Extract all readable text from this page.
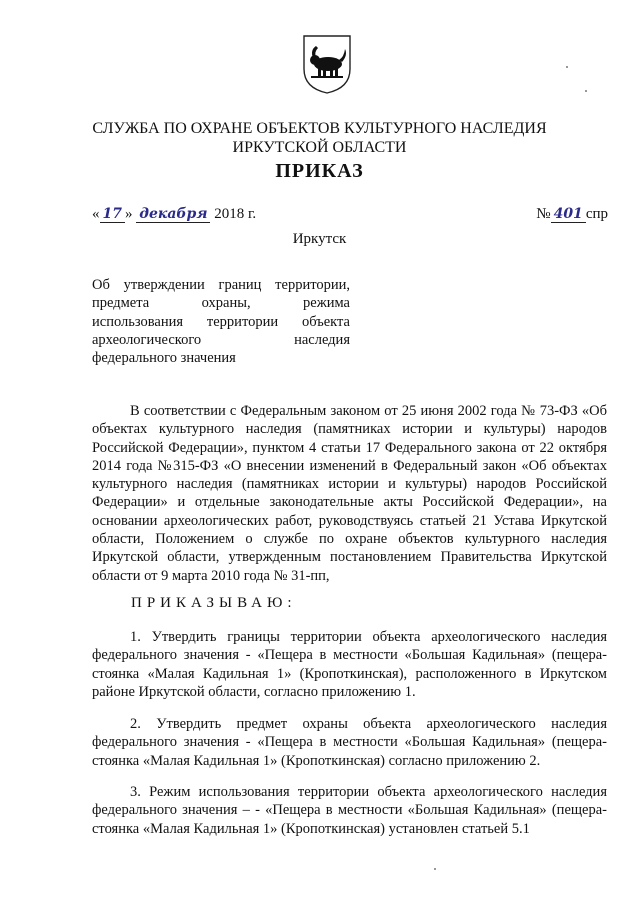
СЛУЖБА ПО ОХРАНЕ ОБЪЕКТОВ КУЛЬТУРНОГО НАСЛЕДИЯ
ИРКУТСКОЙ ОБЛАСТИ
ПРИКАЗ
« 17 » декабря 2018 г.	№ 401 спр
Иркутск
Об утверждении границ территории,
предмета охраны, режима
использования территории объекта
археологического наследия
федерального значения
В соответствии с Федеральным законом от 25 июня 2002 года № 73-ФЗ «Об объектах культурного наследия (памятниках истории и культуры) народов Российской Федерации», пунктом 4 статьи 17 Федерального закона от 22 октября 2014 года №315-ФЗ «О внесении изменений в Федеральный закон «Об объектах культурного наследия (памятниках истории и культуры) народов Российской Федерации» и отдельные законодательные акты Российской Федерации», на основании археологических работ, руководствуясь статьей 21 Устава Иркутской области, Положением о службе по охране объектов культурного наследия Иркутской области, утвержденным постановлением Правительства Иркутской области от 9 марта 2010 года № 31-пп,
ПРИКАЗЫВАЮ:
1. Утвердить границы территории объекта археологического наследия федерального значения - «Пещера в местности «Большая Кадильная» (пещера-стоянка «Малая Кадильная 1» (Кропоткинская), расположенного в Иркутском районе Иркутской области, согласно приложению 1.
2. Утвердить предмет охраны объекта археологического наследия федерального значения - «Пещера в местности «Большая Кадильная» (пещера-стоянка «Малая Кадильная 1» (Кропоткинская) согласно приложению 2.
3. Режим использования территории объекта археологического наследия федерального значения – - «Пещера в местности «Большая Кадильная» (пещера-стоянка «Малая Кадильная 1» (Кропоткинская) установлен статьей 5.1
